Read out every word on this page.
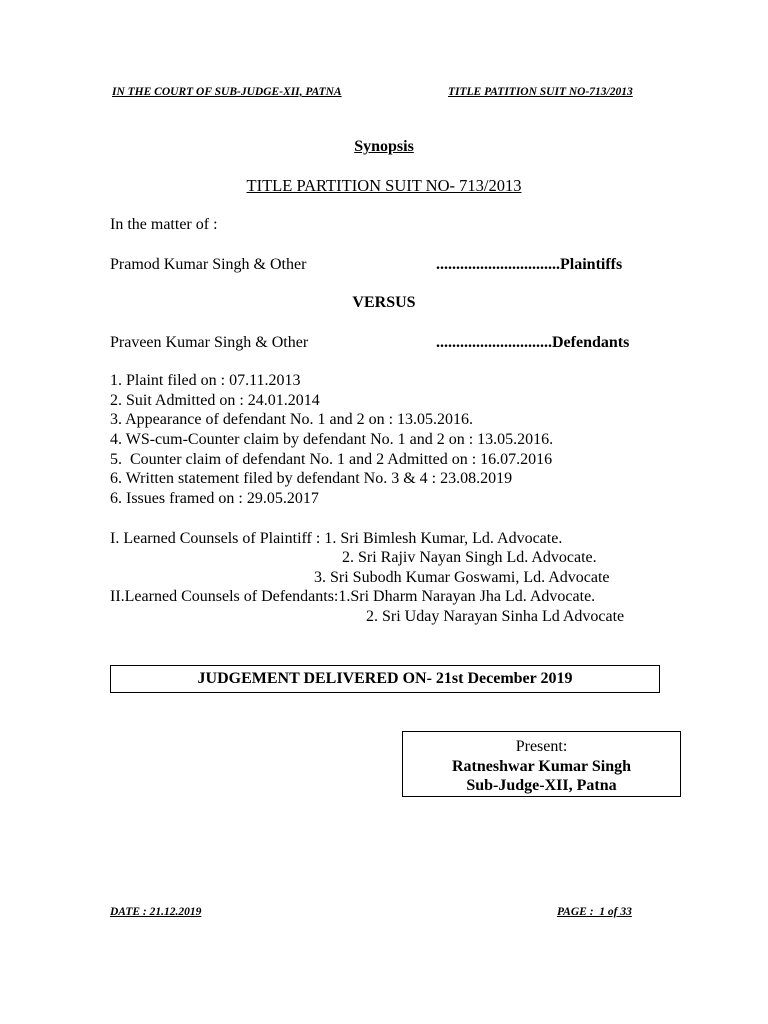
IN THE COURT OF SUB-JUDGE-XII, PATNA	TITLE PATITION SUIT NO-713/2013
Synopsis
TITLE PARTITION SUIT NO- 713/2013
In the matter of :
Pramod Kumar Singh & Other	...............................Plaintiffs
VERSUS
Praveen Kumar Singh & Other	.............................Defendants
1. Plaint filed on : 07.11.2013
2. Suit Admitted on : 24.01.2014
3. Appearance of defendant No. 1 and 2 on : 13.05.2016.
4. WS-cum-Counter claim by defendant No. 1 and 2 on : 13.05.2016.
5.  Counter claim of defendant No. 1 and 2 Admitted on : 16.07.2016
6. Written statement filed by defendant No. 3 & 4 : 23.08.2019
6. Issues framed on : 29.05.2017
I. Learned Counsels of Plaintiff : 1. Sri Bimlesh Kumar, Ld. Advocate.
2. Sri Rajiv Nayan Singh Ld. Advocate.
3. Sri Subodh Kumar Goswami, Ld. Advocate
II.Learned Counsels of Defendants:1.Sri Dharm Narayan Jha Ld. Advocate.
2. Sri Uday Narayan Sinha Ld Advocate
JUDGEMENT DELIVERED ON- 21st December 2019
Present:
Ratneshwar Kumar Singh
Sub-Judge-XII, Patna
DATE : 21.12.2019	PAGE :  1 of 33
